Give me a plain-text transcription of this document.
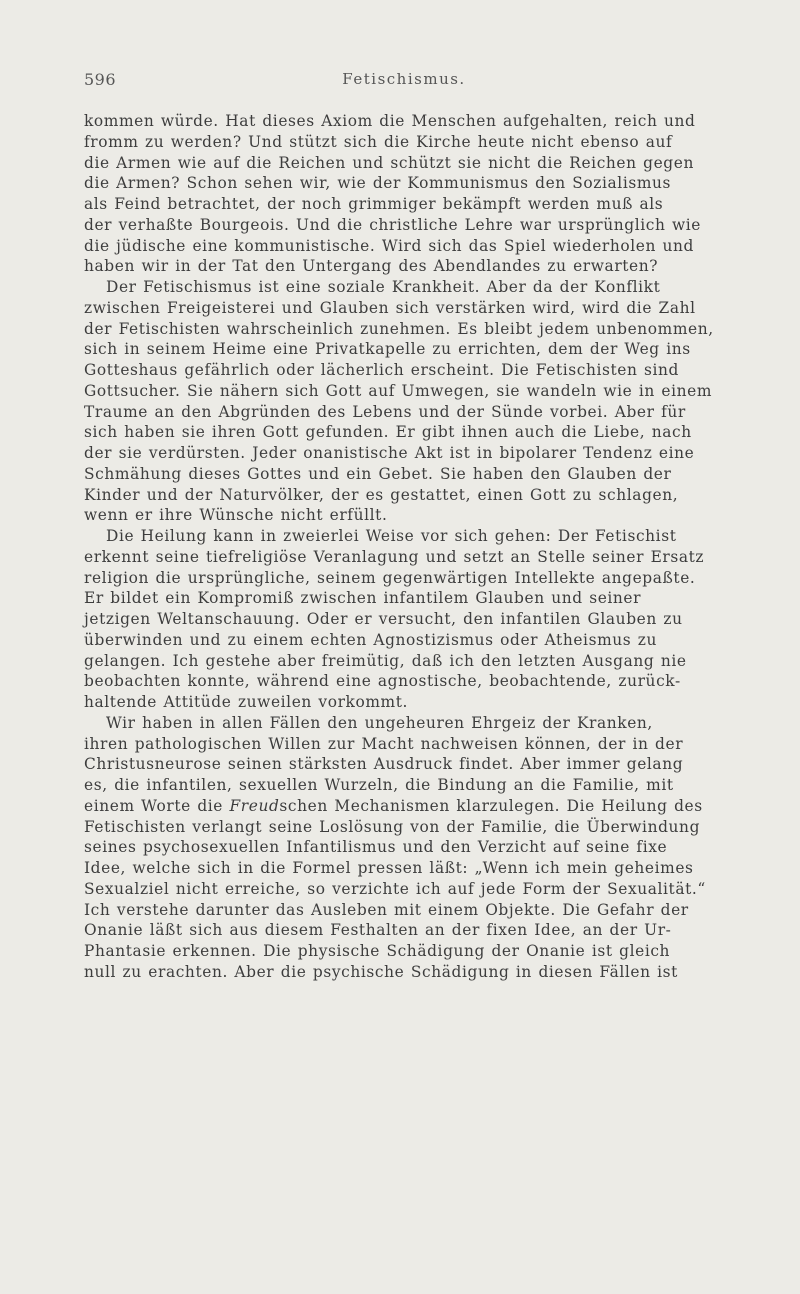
596	Fetischismus.
kommen würde. Hat dieses Axiom die Menschen aufgehalten, reich und
fromm zu werden? Und stützt sich die Kirche heute nicht ebenso auf
die Armen wie auf die Reichen und schützt sie nicht die Reichen gegen
die Armen? Schon sehen wir, wie der Kommunismus den Sozialismus
als Feind betrachtet, der noch grimmiger bekämpft werden muß als
der verhaßte Bourgeois. Und die christliche Lehre war ursprünglich wie
die jüdische eine kommunistische. Wird sich das Spiel wiederholen und
haben wir in der Tat den Untergang des Abendlandes zu erwarten?
Der Fetischismus ist eine soziale Krankheit. Aber da der Konflikt
zwischen Freigeisterei und Glauben sich verstärken wird, wird die Zahl
der Fetischisten wahrscheinlich zunehmen. Es bleibt jedem unbenommen,
sich in seinem Heime eine Privatkapelle zu errichten, dem der Weg ins
Gotteshaus gefährlich oder lächerlich erscheint. Die Fetischisten sind
Gottsucher. Sie nähern sich Gott auf Umwegen, sie wandeln wie in einem
Traume an den Abgründen des Lebens und der Sünde vorbei. Aber für
sich haben sie ihren Gott gefunden. Er gibt ihnen auch die Liebe, nach
der sie verdürsten. Jeder onanistische Akt ist in bipolarer Tendenz eine
Schmähung dieses Gottes und ein Gebet. Sie haben den Glauben der
Kinder und der Naturvölker, der es gestattet, einen Gott zu schlagen,
wenn er ihre Wünsche nicht erfüllt.
Die Heilung kann in zweierlei Weise vor sich gehen: Der Fetischist
erkennt seine tiefreligiöse Veranlagung und setzt an Stelle seiner Ersatz
religion die ursprüngliche, seinem gegenwärtigen Intellekte angepaßte.
Er bildet ein Kompromiß zwischen infantilem Glauben und seiner
jetzigen Weltanschauung. Oder er versucht, den infantilen Glauben zu
überwinden und zu einem echten Agnostizismus oder Atheismus zu
gelangen. Ich gestehe aber freimütig, daß ich den letzten Ausgang nie
beobachten konnte, während eine agnostische, beobachtende, zurück-
haltende Attitüde zuweilen vorkommt.
Wir haben in allen Fällen den ungeheuren Ehrgeiz der Kranken,
ihren pathologischen Willen zur Macht nachweisen können, der in der
Christusneurose seinen stärksten Ausdruck findet. Aber immer gelang
es, die infantilen, sexuellen Wurzeln, die Bindung an die Familie, mit
einem Worte die Freudschen Mechanismen klarzulegen. Die Heilung des
Fetischisten verlangt seine Loslösung von der Familie, die Überwindung
seines psychosexuellen Infantilismus und den Verzicht auf seine fixe
Idee, welche sich in die Formel pressen läßt: „Wenn ich mein geheimes
Sexualziel nicht erreiche, so verzichte ich auf jede Form der Sexualität.“
Ich verstehe darunter das Ausleben mit einem Objekte. Die Gefahr der
Onanie läßt sich aus diesem Festhalten an der fixen Idee, an der Ur-
Phantasie erkennen. Die physische Schädigung der Onanie ist gleich
null zu erachten. Aber die psychische Schädigung in diesen Fällen ist
